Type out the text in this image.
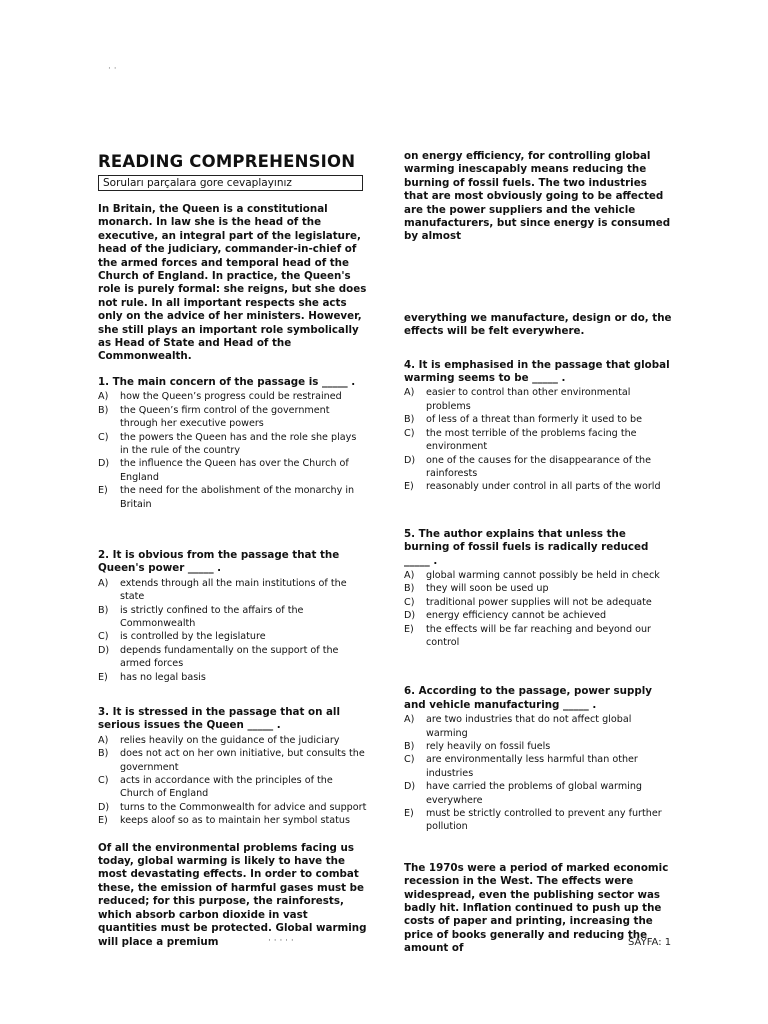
· ·
READING COMPREHENSION
Soruları parçalara gore cevaplayınız

In Britain, the Queen is a constitutional monarch. In law she is the head of the executive, an integral part of the legislature, head of the judiciary, commander-in-chief of the armed forces and temporal head of the Church of England. In practice, the Queen's role is purely formal: she reigns, but she does not rule. In all important respects she acts only on the advice of her ministers. However, she still plays an important role symbolically as Head of State and Head of the Commonwealth.

1. The main concern of the passage is _____ .

A)	how the Queen’s progress could be restrained
B)	the Queen’s firm control of the government through her executive powers
C)	the powers the Queen has and the role she plays in the rule of the country
D)	the influence the Queen has over the Church of England
E)	the need for the abolishment of the monarchy in Britain

2. It is obvious from the passage that the Queen's power _____ .

A)	extends through all the main institutions of the state
B)	is strictly confined to the affairs of the Commonwealth
C)	is controlled by the legislature
D)	depends fundamentally on the support of the armed forces
E)	has no legal basis

3. It is stressed in the passage that on all serious issues the Queen _____ .

A)	relies heavily on the guidance of the judiciary
B)	does not act on her own initiative, but consults the government
C)	acts in accordance with the principles of the Church of England
D)	turns to the Commonwealth for advice and support
E)	keeps aloof so as to maintain her symbol status

Of all the environmental problems facing us today, global warming is likely to have the most devastating effects. In order to combat these, the emission of harmful gases must be reduced; for this purpose, the rainforests, which absorb carbon dioxide in vast quantities must be protected. Global warming will place a premium

on energy efficiency, for controlling global warming inescapably means reducing the burning of fossil fuels. The two industries that are most obviously going to be affected are the power suppliers and the vehicle manufacturers, but since energy is consumed by almost

everything we manufacture, design or do, the effects will be felt everywhere.

4. It is emphasised in the passage that global warming seems to be _____ .

A)	easier to control than other environmental problems
B)	of less of a threat than formerly it used to be
C)	the most terrible of the problems facing the environment
D)	one of the causes for the disappearance of the rainforests
E)	reasonably under control in all parts of the world

5. The author explains that unless the burning of fossil fuels is radically reduced _____ .

A)	global warming cannot possibly be held in check
B)	they will soon be used up
C)	traditional power supplies will not be adequate
D)	energy efficiency cannot be achieved
E)	the effects will be far reaching and beyond our control

6. According to the passage, power supply and vehicle manufacturing _____ .

A)	are two industries that do not affect global warming
B)	rely heavily on fossil fuels
C)	are environmentally less harmful than other industries
D)	have carried the problems of global warming everywhere
E)	must be strictly controlled to prevent any further pollution

The 1970s were a period of marked economic recession in the West. The effects were widespread, even the publishing sector was badly hit. Inflation continued to push up the costs of paper and printing, increasing the price of books generally and reducing the amount of

· · · · ·	SAYFA: 1
